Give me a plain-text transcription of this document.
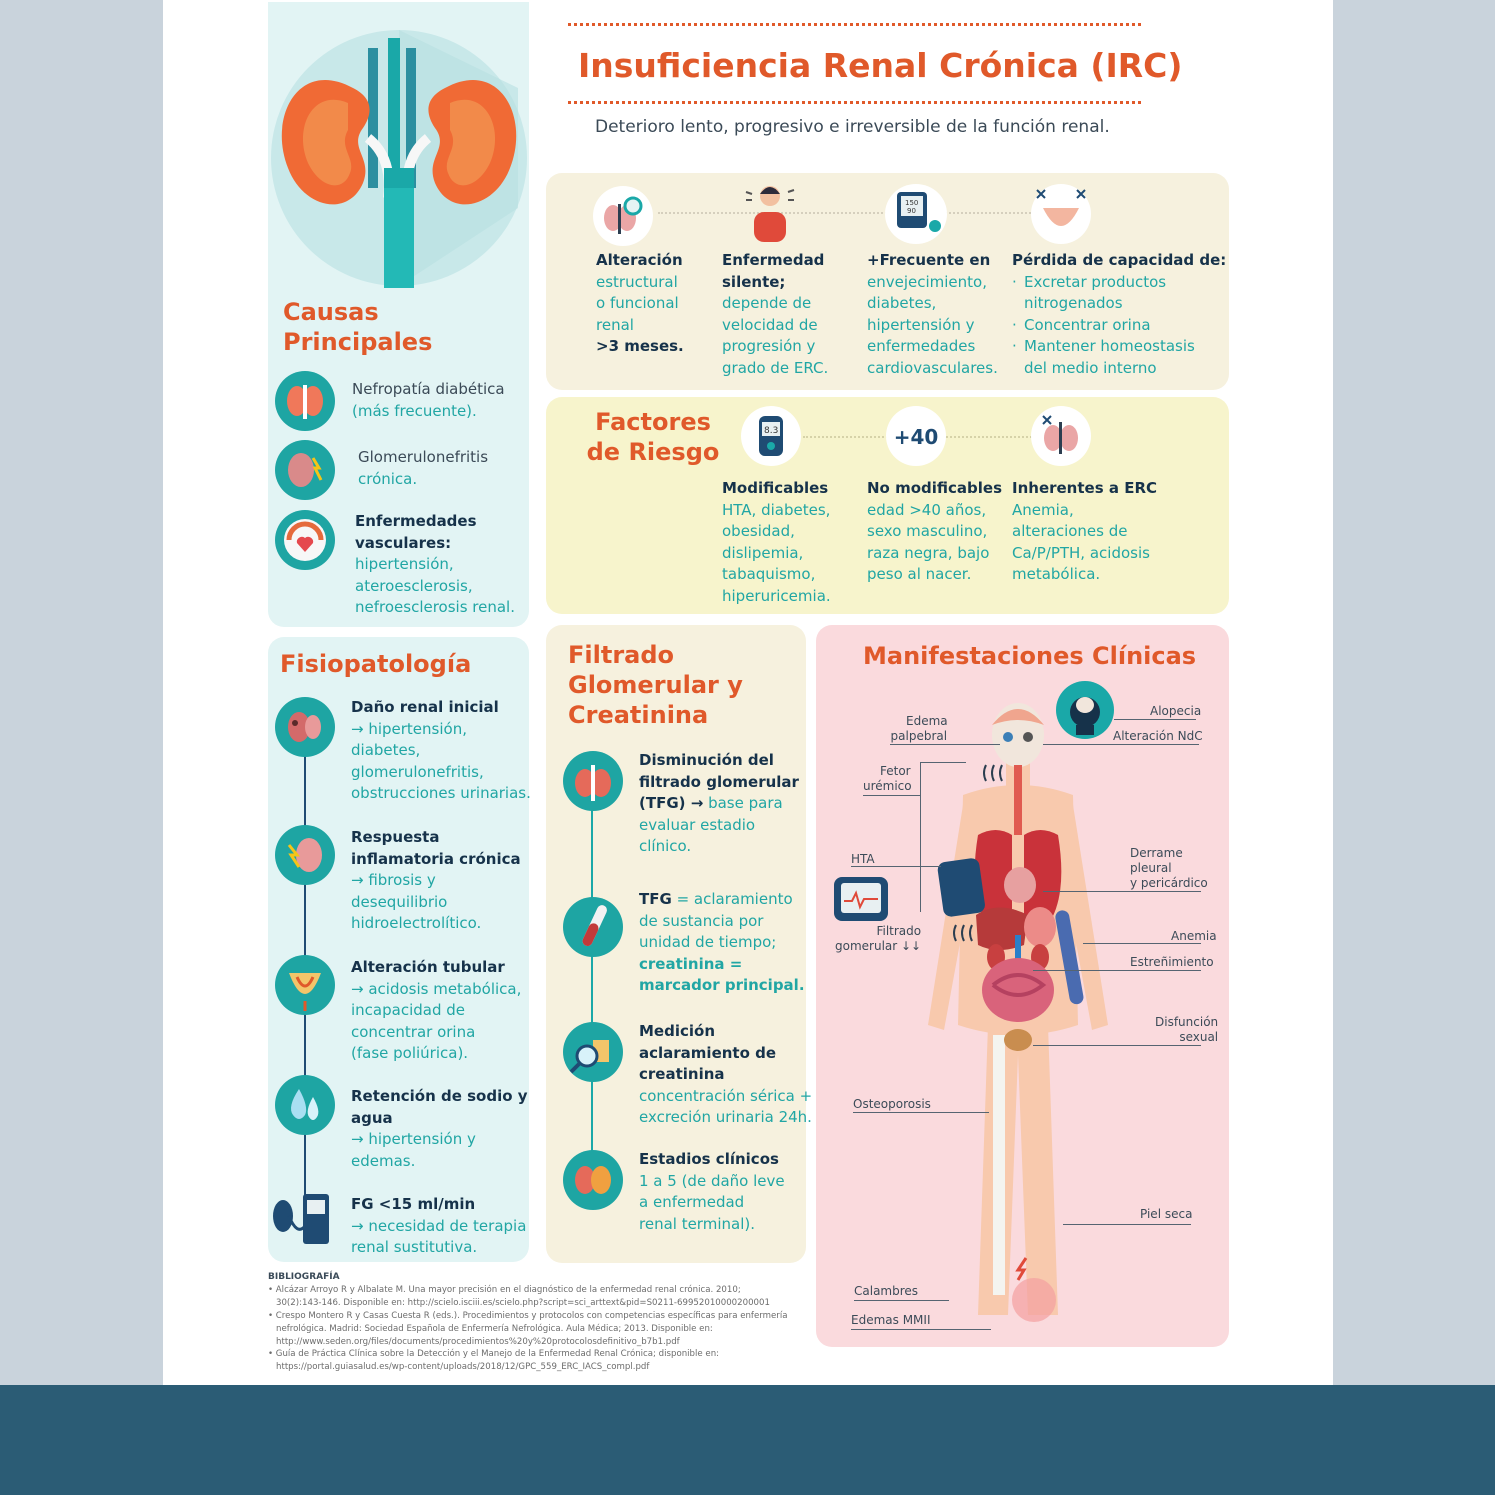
Causas
Principales
Nefropatía diabética
(más frecuente).
Glomerulonefritis
crónica.
Enfermedades
vasculares:
hipertensión,
ateroesclerosis,
nefroesclerosis renal.
Insuficiencia Renal Crónica (IRC)
Deterioro lento, progresivo e irreversible de la función renal.
150
90
Alteración
estructural
o funcional
renal
>3 meses.
Enfermedad
silente;
depende de
velocidad de
progresión y
grado de ERC.
+Frecuente en
envejecimiento,
diabetes,
hipertensión y
enfermedades
cardiovasculares.
Pérdida de capacidad de:
· Excretar productos
nitrogenados
· Concentrar orina
· Mantener homeostasis
del medio interno
Factores
de Riesgo
8.3	+40
Modificables
HTA, diabetes,
obesidad,
dislipemia,
tabaquismo,
hiperuricemia.
No modificables
edad >40 años,
sexo masculino,
raza negra, bajo
peso al nacer.
Inherentes a ERC
Anemia,
alteraciones de
Ca/P/PTH, acidosis
metabólica.
Fisiopatología
Daño renal inicial
→ hipertensión,
diabetes,
glomerulonefritis,
obstrucciones urinarias.
Respuesta
inflamatoria crónica
→ fibrosis y
desequilibrio
hidroelectrolítico.
Alteración tubular
→ acidosis metabólica,
incapacidad de
concentrar orina
(fase poliúrica).
Retención de sodio y
agua
→ hipertensión y
edemas.
FG <15 ml/min
→ necesidad de terapia
renal sustitutiva.
Filtrado
Glomerular y
Creatinina
Disminución del
filtrado glomerular
(TFG) → base para
evaluar estadio
clínico.
TFG = aclaramiento
de sustancia por
unidad de tiempo;
creatinina =
marcador principal.
Medición
aclaramiento de
creatinina
concentración sérica +
excreción urinaria 24h.
Estadios clínicos
1 a 5 (de daño leve
a enfermedad
renal terminal).
Manifestaciones Clínicas
Alopecia
Alteración NdC
Edema
palpebral
Fetor
urémico
HTA	Derrame
pleural
y pericárdico
Filtrado
gomerular ↓↓
Anemia
Estreñimiento
Disfunción
sexual
Osteoporosis
Piel seca
Calambres
Edemas MMII
BIBLIOGRAFÍA
• Alcázar Arroyo R y Albalate M. Una mayor precisión en el diagnóstico de la enfermedad renal crónica. 2010;
30(2):143-146. Disponible en: http://scielo.isciii.es/scielo.php?script=sci_arttext&pid=S0211-69952010000200001
• Crespo Montero R y Casas Cuesta R (eds.). Procedimientos y protocolos con competencias específicas para enfermería
nefrológica. Madrid: Sociedad Española de Enfermería Nefrológica. Aula Médica; 2013. Disponible en:
http://www.seden.org/files/documents/procedimientos%20y%20protocolosdefinitivo_b7b1.pdf
• Guía de Práctica Clínica sobre la Detección y el Manejo de la Enfermedad Renal Crónica; disponible en:
https://portal.guiasalud.es/wp-content/uploads/2018/12/GPC_559_ERC_IACS_compl.pdf
